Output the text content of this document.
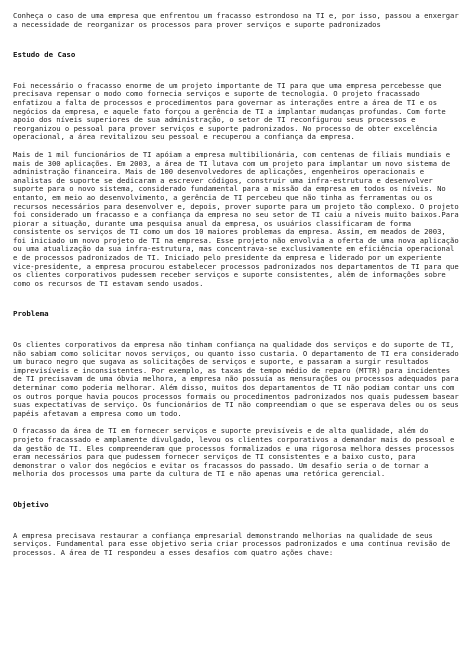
Conheça o caso de uma empresa que enfrentou um fracasso estrondoso na TI e, por isso, passou a enxergar a necessidade de reorganizar os processos para prover serviços e suporte padronizados

Estudo de Caso

Foi necessário o fracasso enorme de um projeto importante de TI para que uma empresa percebesse que precisava repensar o modo como fornecia serviços e suporte de tecnologia. O projeto fracassado enfatizou a falta de processos e procedimentos para governar as interações entre a área de TI e os negócios da empresa, e aquele fato forçou a gerência de TI a implantar mudanças profundas. Com forte apoio dos níveis superiores de sua administração, o setor de TI reconfigurou seus processos e reorganizou o pessoal para prover serviços e suporte padronizados. No processo de obter excelência operacional, a área revitalizou seu pessoal e recuperou a confiança da empresa.

Mais de 1 mil funcionários de TI apóiam a empresa multibilionária, com centenas de filiais mundiais e mais de 300 aplicações. Em 2003, a área de TI lutava com um projeto para implantar um novo sistema de administração financeira. Mais de 100 desenvolvedores de aplicações, engenheiros operacionais e analistas de suporte se dedicaram a escrever códigos, construir uma infra-estrutura e desenvolver suporte para o novo sistema, considerado fundamental para a missão da empresa em todos os níveis. No entanto, em meio ao desenvolvimento, a gerência de TI percebeu que não tinha as ferramentas ou os recursos necessários para desenvolver e, depois, prover suporte para um projeto tão complexo. O projeto foi considerado um fracasso e a confiança da empresa no seu setor de TI caiu a níveis muito baixos.Para piorar a situação, durante uma pesquisa anual da empresa, os usuários classificaram de forma consistente os serviços de TI como um dos 10 maiores problemas da empresa. Assim, em meados de 2003, foi iniciado um novo projeto de TI na empresa. Esse projeto não envolvia a oferta de uma nova aplicação ou uma atualização da sua infra-estrutura, mas concentrava-se exclusivamente em eficiência operacional e de processos padronizados de TI. Iniciado pelo presidente da empresa e liderado por um experiente vice-presidente, a empresa procurou estabelecer processos padronizados nos departamentos de TI para que os clientes corporativos pudessem receber serviços e suporte consistentes, além de informações sobre como os recursos de TI estavam sendo usados.

Problema

Os clientes corporativos da empresa não tinham confiança na qualidade dos serviços e do suporte de TI, não sabiam como solicitar novos serviços, ou quanto isso custaria. O departamento de TI era considerado um buraco negro que sugava as solicitações de serviços e suporte, e passaram a surgir resultados imprevisíveis e inconsistentes. Por exemplo, as taxas de tempo médio de reparo (MTTR) para incidentes de TI precisavam de uma óbvia melhora, a empresa não possuía as mensurações ou processos adequados para determinar como poderia melhorar. Além disso, muitos dos departamentos de TI não podiam contar uns com os outros porque havia poucos processos formais ou procedimentos padronizados nos quais pudessem basear suas expectativas de serviço. Os funcionários de TI não compreendiam o que se esperava deles ou os seus papéis afetavam a empresa como um todo.

O fracasso da área de TI em fornecer serviços e suporte previsíveis e de alta qualidade, além do projeto fracassado e amplamente divulgado, levou os clientes corporativos a demandar mais do pessoal e da gestão de TI. Eles compreenderam que processos formalizados e uma rigorosa melhora desses processos eram necessários para que pudessem fornecer serviços de TI consistentes e a baixo custo, para demonstrar o valor dos negócios e evitar os fracassos do passado. Um desafio seria o de tornar a melhoria dos processos uma parte da cultura de TI e não apenas uma retórica gerencial.

Objetivo

A empresa precisava restaurar a confiança empresarial demonstrando melhorias na qualidade de seus serviços. Fundamental para esse objetivo seria criar processos padronizados e uma contínua revisão de processos. A área de TI respondeu a esses desafios com quatro ações chave:
